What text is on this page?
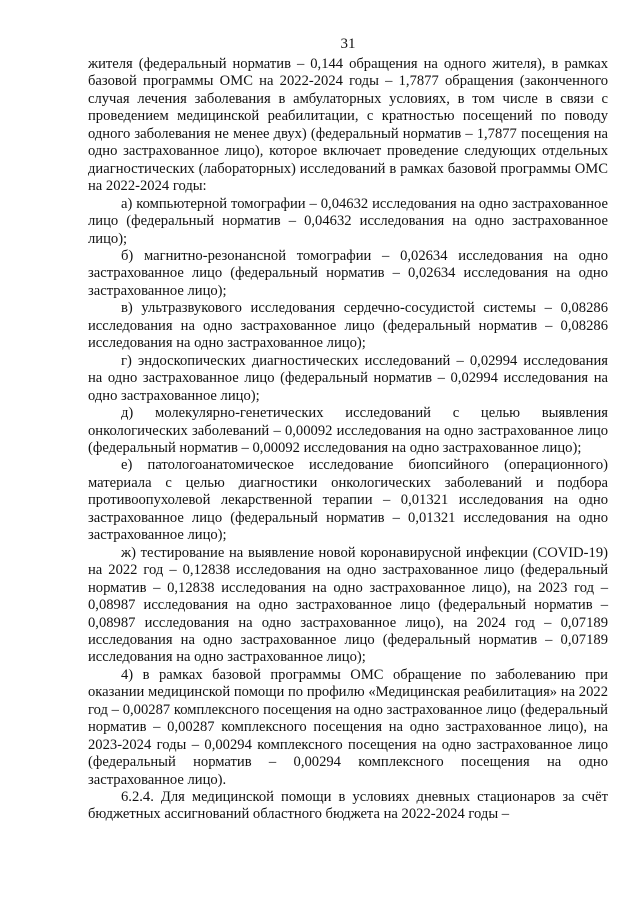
31

жителя (федеральный норматив – 0,144 обращения на одного жителя), в рамках базовой программы ОМС на 2022-2024 годы – 1,7877 обращения (законченного случая лечения заболевания в амбулаторных условиях, в том числе в связи с проведением медицинской реабилитации, с кратностью посещений по поводу одного заболевания не менее двух) (федеральный норматив – 1,7877 посещения на одно застрахованное лицо), которое включает проведение следующих отдельных диагностических (лабораторных) исследований в рамках базовой программы ОМС на 2022-2024 годы:

а) компьютерной томографии – 0,04632 исследования на одно застрахованное лицо (федеральный норматив – 0,04632 исследования на одно застрахованное лицо);

б) магнитно-резонансной томографии – 0,02634 исследования на одно застрахованное лицо (федеральный норматив – 0,02634 исследования на одно застрахованное лицо);

в) ультразвукового исследования сердечно-сосудистой системы – 0,08286 исследования на одно застрахованное лицо (федеральный норматив – 0,08286 исследования на одно застрахованное лицо);

г) эндоскопических диагностических исследований – 0,02994 исследования на одно застрахованное лицо (федеральный норматив – 0,02994 исследования на одно застрахованное лицо);

д) молекулярно-генетических исследований с целью выявления онкологических заболеваний – 0,00092 исследования на одно застрахованное лицо (федеральный норматив – 0,00092 исследования на одно застрахованное лицо);

е) патологоанатомическое исследование биопсийного (операционного) материала с целью диагностики онкологических заболеваний и подбора противоопухолевой лекарственной терапии – 0,01321 исследования на одно застрахованное лицо (федеральный норматив – 0,01321 исследования на одно застрахованное лицо);

ж) тестирование на выявление новой коронавирусной инфекции (COVID-19) на 2022 год – 0,12838 исследования на одно застрахованное лицо (федеральный норматив – 0,12838 исследования на одно застрахованное лицо), на 2023 год – 0,08987 исследования на одно застрахованное лицо (федеральный норматив – 0,08987 исследования на одно застрахованное лицо), на 2024 год – 0,07189 исследования на одно застрахованное лицо (федеральный норматив – 0,07189 исследования на одно застрахованное лицо);

4) в рамках базовой программы ОМС обращение по заболеванию при оказании медицинской помощи по профилю «Медицинская реабилитация» на 2022 год – 0,00287 комплексного посещения на одно застрахованное лицо (федеральный норматив – 0,00287 комплексного посещения на одно застрахованное лицо), на 2023-2024 годы – 0,00294 комплексного посещения на одно застрахованное лицо (федеральный норматив – 0,00294 комплексного посещения на одно застрахованное лицо).

6.2.4. Для медицинской помощи в условиях дневных стационаров за счёт бюджетных ассигнований областного бюджета на 2022-2024 годы –
